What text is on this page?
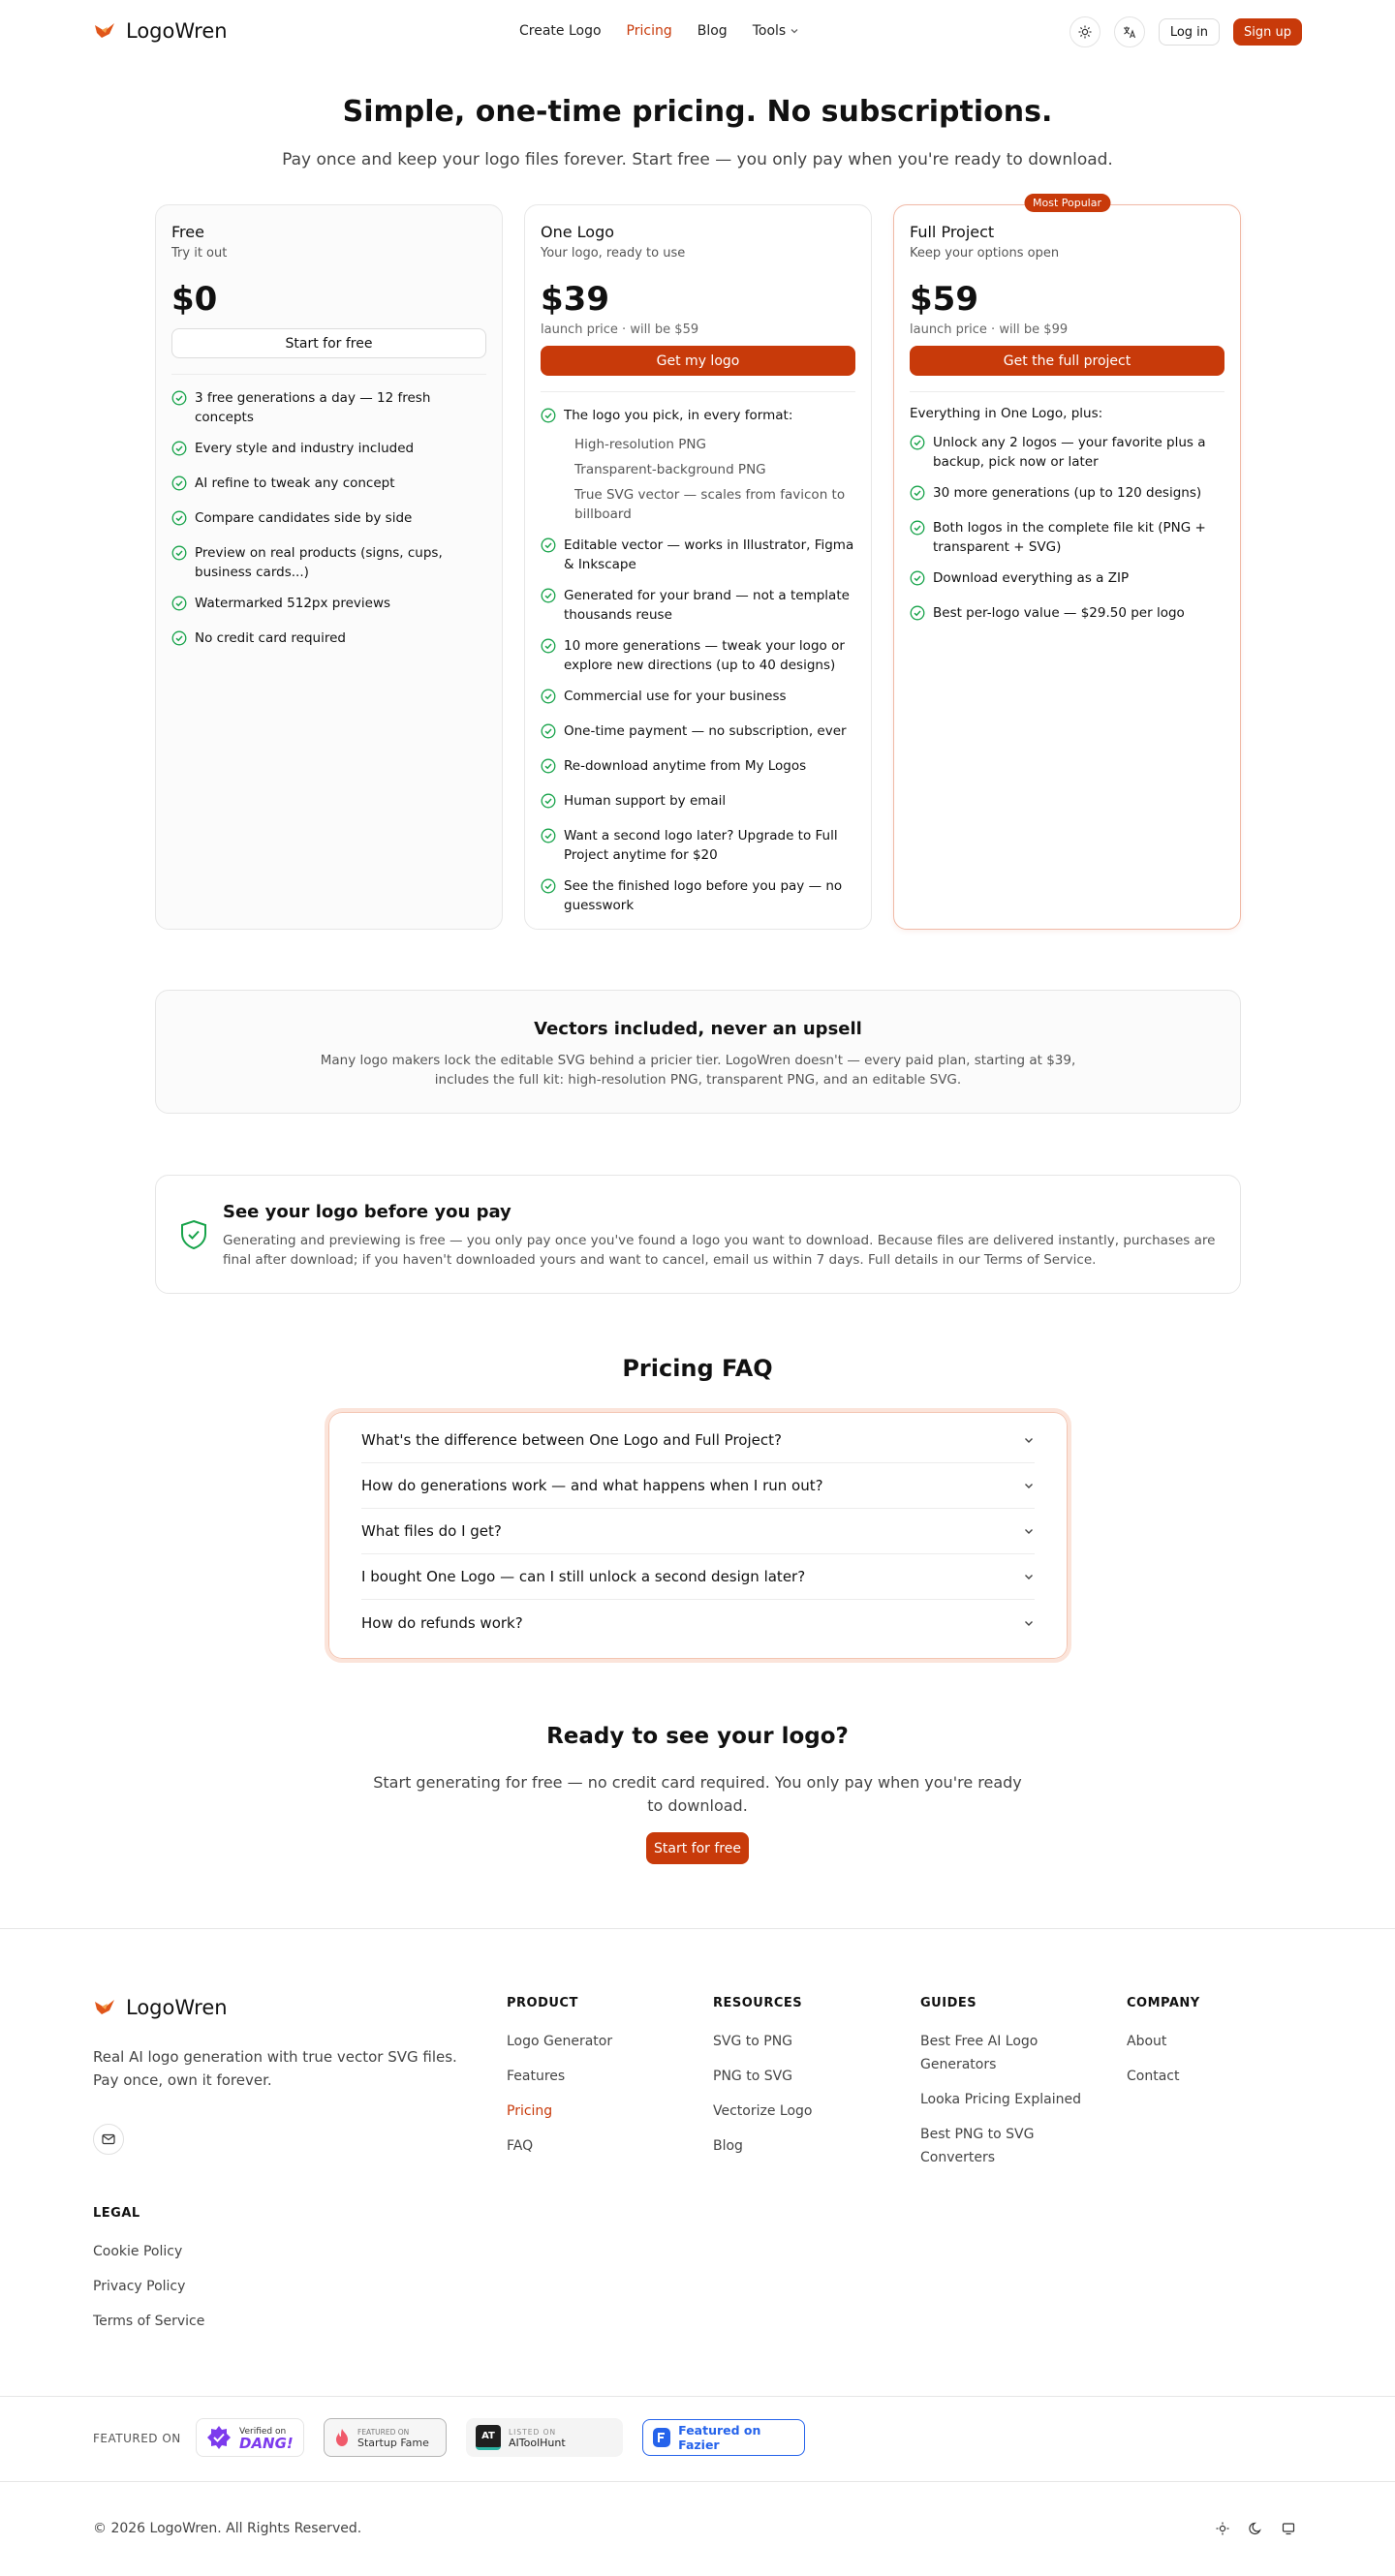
LogoWren	Create Logo Pricing Blog Tools	Log in	Sign up
Simple, one-time pricing. No subscriptions.

Pay once and keep your logo files forever. Start free — you only pay when you're ready to download.

Free
Try it out
$0
Start for free
3 free generations a day — 12 fresh concepts
Every style and industry included
AI refine to tweak any concept
Compare candidates side by side
Preview on real products (signs, cups, business cards...)
Watermarked 512px previews
No credit card required
One Logo
Your logo, ready to use
$39
launch price · will be $59
Get my logo
The logo you pick, in every format:
High-resolution PNG
Transparent-background PNG
True SVG vector — scales from favicon to billboard
Editable vector — works in Illustrator, Figma & Inkscape
Generated for your brand — not a template thousands reuse
10 more generations — tweak your logo or explore new directions (up to 40 designs)
Commercial use for your business
One-time payment — no subscription, ever
Re-download anytime from My Logos
Human support by email
Want a second logo later? Upgrade to Full Project anytime for $20
See the finished logo before you pay — no guesswork
Most Popular
Full Project
Keep your options open
$59
launch price · will be $99
Get the full project
Everything in One Logo, plus:
Unlock any 2 logos — your favorite plus a backup, pick now or later
30 more generations (up to 120 designs)
Both logos in the complete file kit (PNG + transparent + SVG)
Download everything as a ZIP
Best per-logo value — $29.50 per logo
Vectors included, never an upsell

Many logo makers lock the editable SVG behind a pricier tier. LogoWren doesn't — every paid plan, starting at $39, includes the full kit: high-resolution PNG, transparent PNG, and an editable SVG.

See your logo before you pay

Generating and previewing is free — you only pay once you've found a logo you want to download. Because files are delivered instantly, purchases are final after download; if you haven't downloaded yours and want to cancel, email us within 7 days. Full details in our Terms of Service.

Pricing FAQ
What's the difference between One Logo and Full Project?
How do generations work — and what happens when I run out?
What files do I get?
I bought One Logo — can I still unlock a second design later?
How do refunds work?
Ready to see your logo?

Start generating for free — no credit card required. You only pay when you're ready to download.

Start for free
LogoWren

Real AI logo generation with true vector SVG files. Pay once, own it forever.

PRODUCT
Logo Generator
Features
Pricing
FAQ
RESOURCES
SVG to PNG
PNG to SVG
Vectorize Logo
Blog
GUIDES
Best Free AI Logo Generators
Looka Pricing Explained
Best PNG to SVG Converters
COMPANY
About
Contact
LEGAL
Cookie Policy
Privacy Policy
Terms of Service
FEATURED ON	Verified on
DANG!
FEATURED ON
Startup Fame
AT LISTED ON
AIToolHunt
Featured on Fazier
© 2026 LogoWren. All Rights Reserved.
